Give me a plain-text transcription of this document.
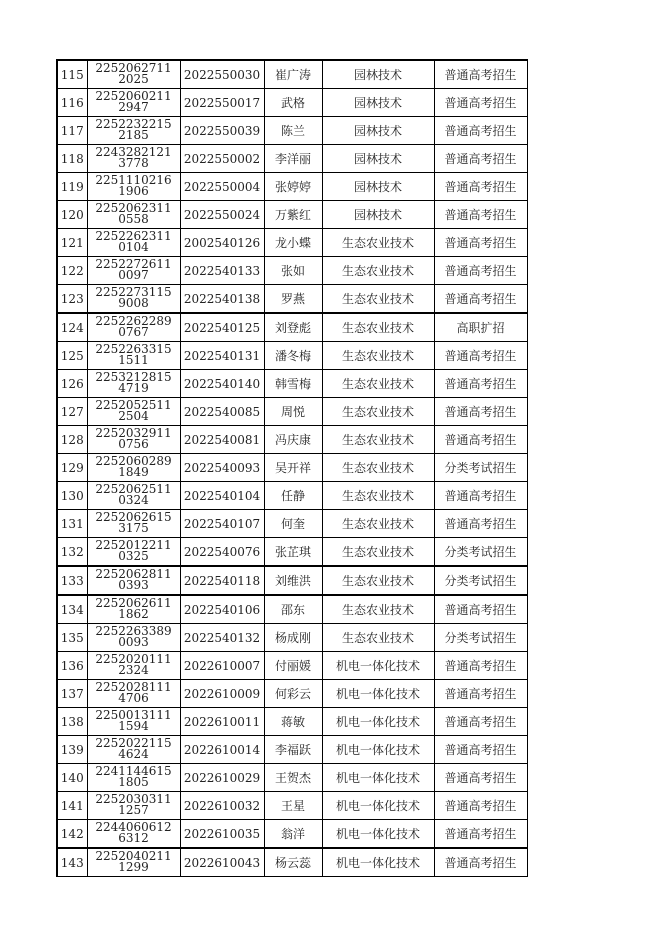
115	22520627112025	2022550030	崔广涛	园林技术	普通高考招生
116	22520602112947	2022550017	武格	园林技术	普通高考招生
117	22522322152185	2022550039	陈兰	园林技术	普通高考招生
118	22432821213778	2022550002	李洋丽	园林技术	普通高考招生
119	22511102161906	2022550004	张婷婷	园林技术	普通高考招生
120	22520623110558	2022550024	万紫红	园林技术	普通高考招生
121	22522623110104	2002540126	龙小蝶	生态农业技术	普通高考招生
122	22522726110097	2022540133	张如	生态农业技术	普通高考招生
123	22522731159008	2022540138	罗燕	生态农业技术	普通高考招生
124	22522622890767	2022540125	刘登彪	生态农业技术	高职扩招
125	22522633151511	2022540131	潘冬梅	生态农业技术	普通高考招生
126	22532128154719	2022540140	韩雪梅	生态农业技术	普通高考招生
127	22520525112504	2022540085	周悦	生态农业技术	普通高考招生
128	22520329110756	2022540081	冯庆康	生态农业技术	普通高考招生
129	22520602891849	2022540093	吴开祥	生态农业技术	分类考试招生
130	22520625110324	2022540104	任静	生态农业技术	普通高考招生
131	22520626153175	2022540107	何奎	生态农业技术	普通高考招生
132	22520122110325	2022540076	张芷琪	生态农业技术	分类考试招生
133	22520628110393	2022540118	刘维洪	生态农业技术	分类考试招生
134	22520626111862	2022540106	邵东	生态农业技术	普通高考招生
135	22522633890093	2022540132	杨成刚	生态农业技术	分类考试招生
136	22520201112324	2022610007	付丽媛	机电一体化技术	普通高考招生
137	22520281114706	2022610009	何彩云	机电一体化技术	普通高考招生
138	22500131111594	2022610011	蒋敏	机电一体化技术	普通高考招生
139	22520221154624	2022610014	李福跃	机电一体化技术	普通高考招生
140	22411446151805	2022610029	王贺杰	机电一体化技术	普通高考招生
141	22520303111257	2022610032	王星	机电一体化技术	普通高考招生
142	22440606126312	2022610035	翁洋	机电一体化技术	普通高考招生
143	22520402111299	2022610043	杨云蕊	机电一体化技术	普通高考招生
